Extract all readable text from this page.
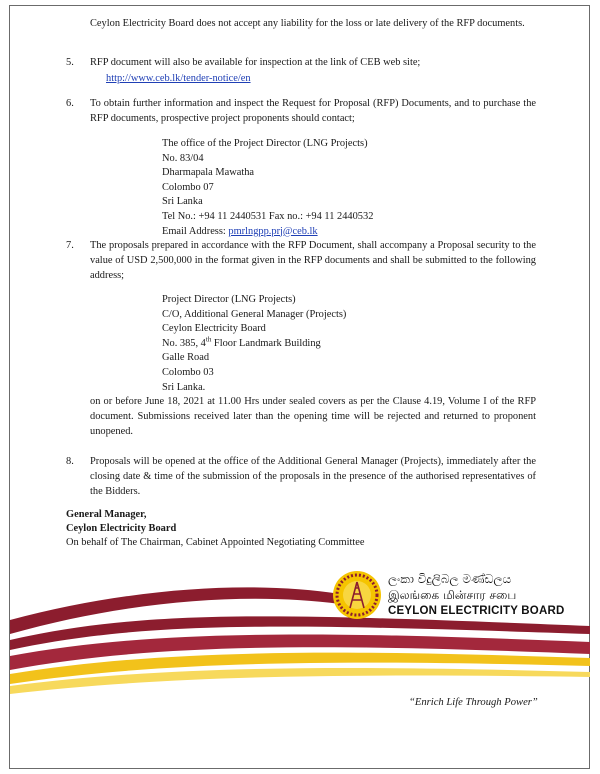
Ceylon Electricity Board does not accept any liability for the loss or late delivery of the RFP documents.
5. RFP document will also be available for inspection at the link of CEB web site;
http://www.ceb.lk/tender-notice/en
6. To obtain further information and inspect the Request for Proposal (RFP) Documents, and to purchase the RFP documents, prospective project proponents should contact;
The office of the Project Director (LNG Projects)
No. 83/04
Dharmapala Mawatha
Colombo 07
Sri Lanka
Tel No.: +94 11 2440531 Fax no.: +94 11 2440532
Email Address: pmrlngpp.prj@ceb.lk
7. The proposals prepared in accordance with the RFP Document, shall accompany a Proposal security to the value of USD 2,500,000 in the format given in the RFP documents and shall be submitted to the following address;
Project Director (LNG Projects)
C/O, Additional General Manager (Projects)
Ceylon Electricity Board
No. 385, 4th Floor Landmark Building
Galle Road
Colombo 03
Sri Lanka.
on or before June 18, 2021 at 11.00 Hrs under sealed covers as per the Clause 4.19, Volume I of the RFP document. Submissions received later than the opening time will be rejected and returned to proponent unopened.
8. Proposals will be opened at the office of the Additional General Manager (Projects), immediately after the closing date & time of the submission of the proposals in the presence of the authorised representatives of the Bidders.
General Manager,
Ceylon Electricity Board
On behalf of The Chairman, Cabinet Appointed Negotiating Committee
ලංකා විදුලිබල මණ්ඩලය
இலங்கை மின்சார சபை
CEYLON ELECTRICITY BOARD
“Enrich Life Through Power”
